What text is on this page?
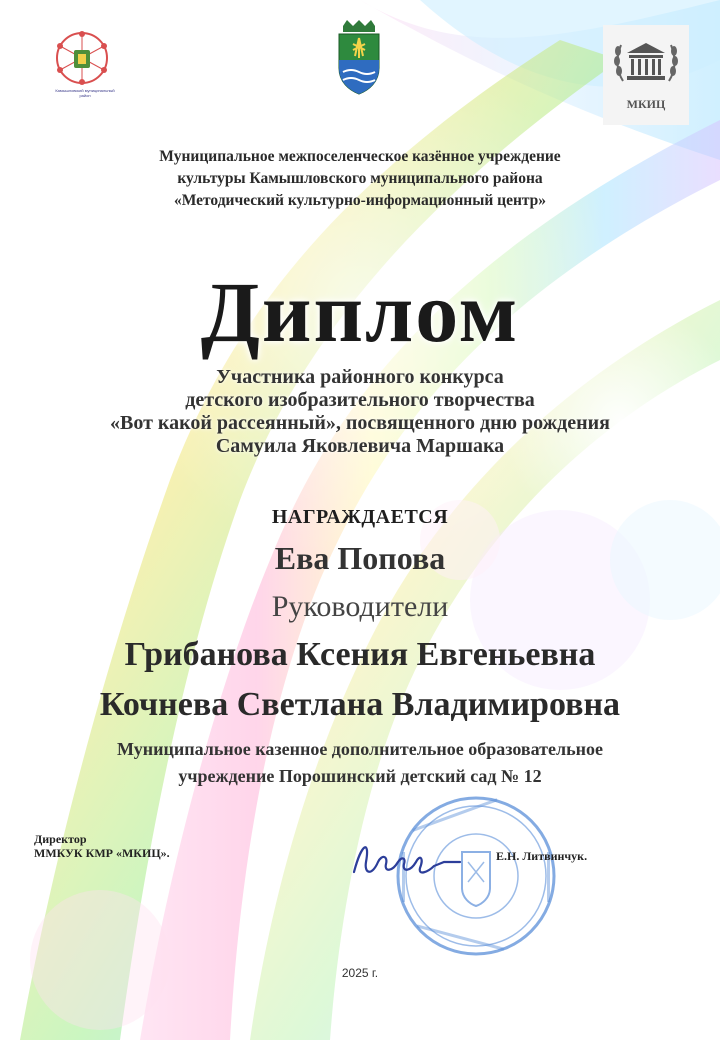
Камышловский муниципальный район
МКИЦ
Муниципальное межпоселенческое казённое учреждение
культуры Камышловского муниципального района
«Методический культурно-информационный центр»
Диплом
Участника районного конкурса
детского изобразительного творчества
«Вот какой рассеянный», посвященного дню рождения
Самуила Яковлевича Маршака
НАГРАЖДАЕТСЯ
Ева Попова
Руководители
Грибанова Ксения Евгеньевна
Кочнева Светлана Владимировна
Муниципальное казенное дополнительное образовательное
учреждение Порошинский детский сад № 12
Директор
ММКУК КМР «МКИЦ».	Е.Н. Литвинчук.
2025 г.
